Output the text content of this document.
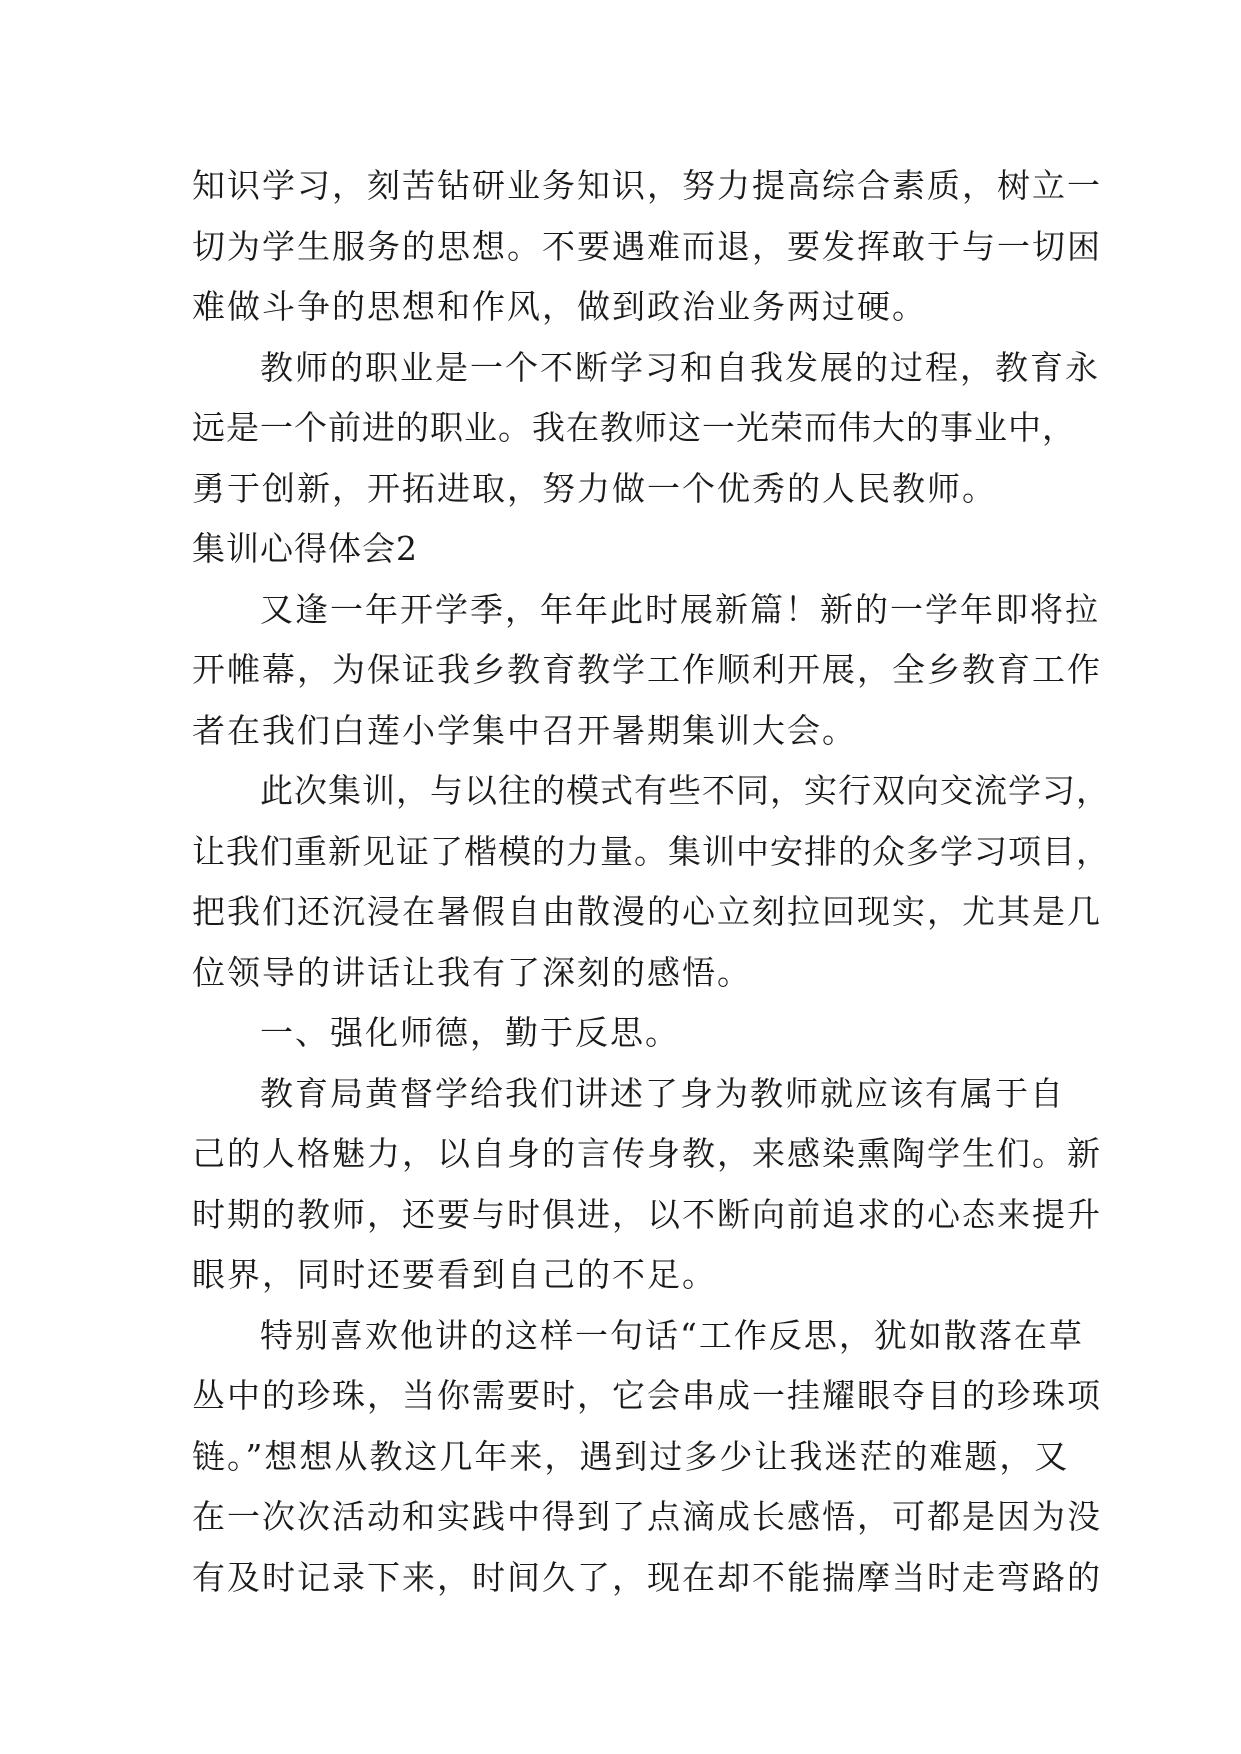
知识学习，刻苦钻研业务知识，努力提高综合素质，树立一
切为学生服务的思想。不要遇难而退，要发挥敢于与一切困
难做斗争的思想和作风，做到政治业务两过硬。
教师的职业是一个不断学习和自我发展的过程，教育永
远是一个前进的职业。我在教师这一光荣而伟大的事业中，
勇于创新，开拓进取，努力做一个优秀的人民教师。
集训心得体会2
又逢一年开学季，年年此时展新篇！新的一学年即将拉
开帷幕，为保证我乡教育教学工作顺利开展，全乡教育工作
者在我们白莲小学集中召开暑期集训大会。
此次集训，与以往的模式有些不同，实行双向交流学习，
让我们重新见证了楷模的力量。集训中安排的众多学习项目，
把我们还沉浸在暑假自由散漫的心立刻拉回现实，尤其是几
位领导的讲话让我有了深刻的感悟。
一、强化师德，勤于反思。
教育局黄督学给我们讲述了身为教师就应该有属于自
己的人格魅力，以自身的言传身教，来感染熏陶学生们。新
时期的教师，还要与时俱进，以不断向前追求的心态来提升
眼界，同时还要看到自己的不足。
特别喜欢他讲的这样一句话“工作反思，犹如散落在草
丛中的珍珠，当你需要时，它会串成一挂耀眼夺目的珍珠项
链。”想想从教这几年来，遇到过多少让我迷茫的难题，又
在一次次活动和实践中得到了点滴成长感悟，可都是因为没
有及时记录下来，时间久了，现在却不能揣摩当时走弯路的
